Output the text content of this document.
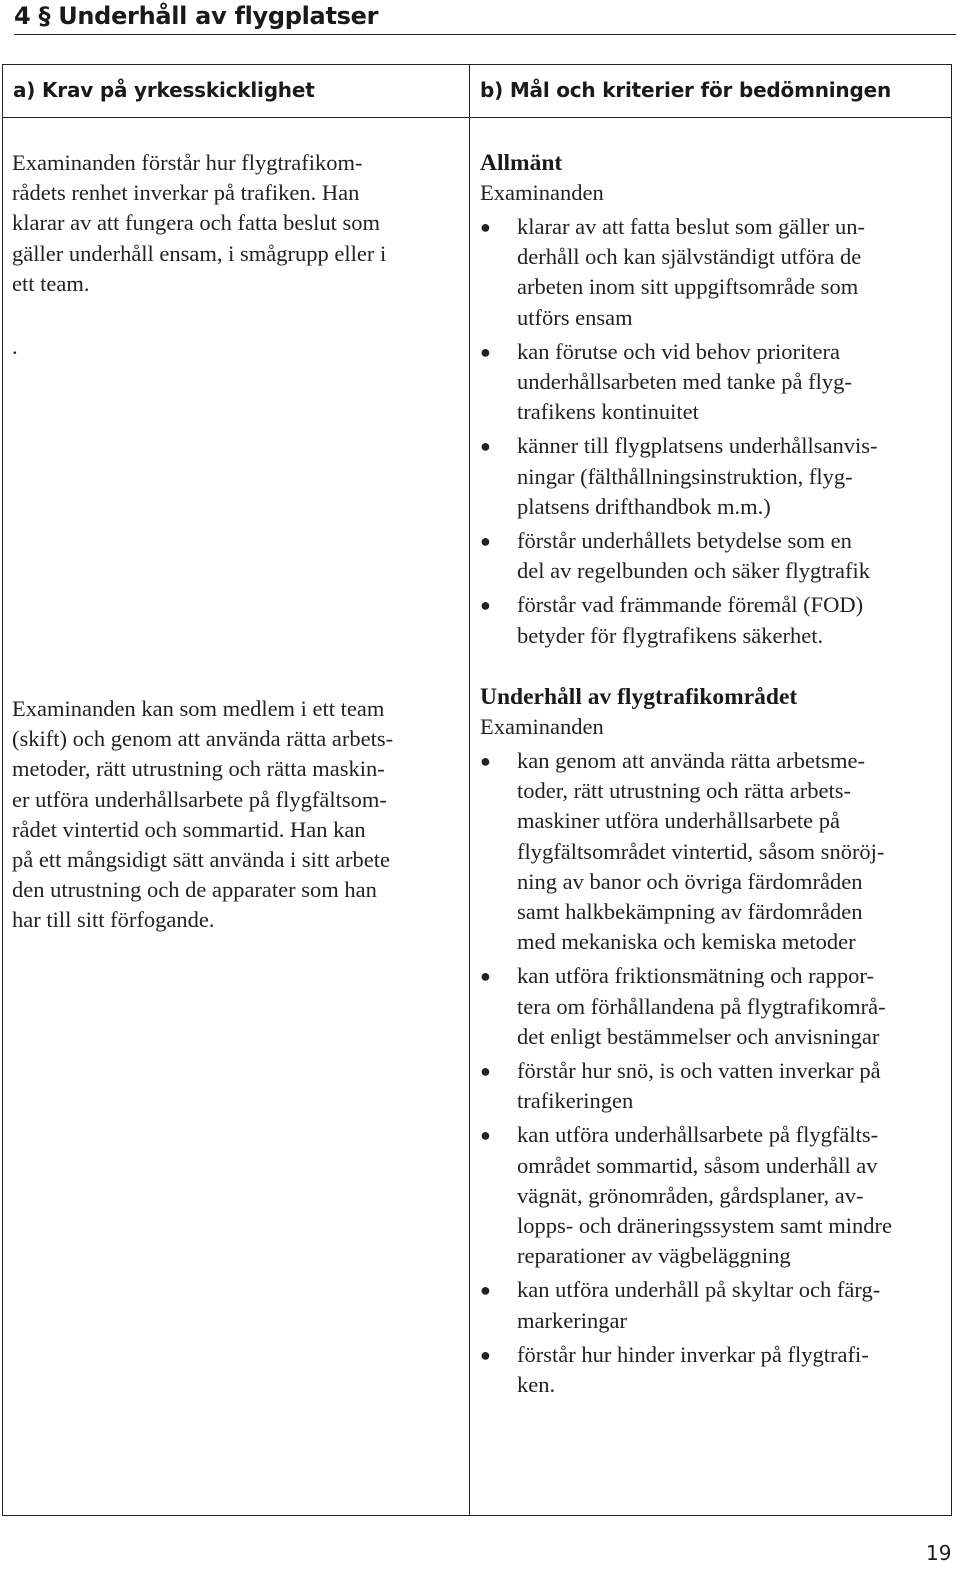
4 § Underhåll av flygplatser
a) Krav på yrkesskicklighet	b) Mål och kriterier för bedömningen

Examinanden förstår hur flygtrafikom-
rådets renhet inverkar på trafiken. Han
klarar av att fungera och fatta beslut som
gäller underhåll ensam, i smågrupp eller i
ett team.

.

Examinanden kan som medlem i ett team
(skift) och genom att använda rätta arbets-
metoder, rätt utrustning och rätta maskin-
er utföra underhållsarbete på flygfältsom-
rådet vintertid och sommartid. Han kan
på ett mångsidigt sätt använda i sitt arbete
den utrustning och de apparater som han
har till sitt förfogande.

Allmänt
Examinanden
● klarar av att fatta beslut som gäller un-
derhåll och kan självständigt utföra de
arbeten inom sitt uppgiftsområde som
utförs ensam
● kan förutse och vid behov prioritera
underhållsarbeten med tanke på flyg-
trafikens kontinuitet
● känner till flygplatsens underhållsanvis-
ningar (fälthållningsinstruktion, flyg-
platsens drifthandbok m.m.)
● förstår underhållets betydelse som en
del av regelbunden och säker flygtrafik
● förstår vad främmande föremål (FOD)
betyder för flygtrafikens säkerhet.
Underhåll av flygtrafikområdet
Examinanden
● kan genom att använda rätta arbetsme-
toder, rätt utrustning och rätta arbets-
maskiner utföra underhållsarbete på
flygfältsområdet vintertid, såsom snöröj-
ning av banor och övriga färdområden
samt halkbekämpning av färdområden
med mekaniska och kemiska metoder
● kan utföra friktionsmätning och rappor-
tera om förhållandena på flygtrafikområ-
det enligt bestämmelser och anvisningar
● förstår hur snö, is och vatten inverkar på
trafikeringen
● kan utföra underhållsarbete på flygfälts-
området sommartid, såsom underhåll av
vägnät, grönområden, gårdsplaner, av-
lopps- och dräneringssystem samt mindre
reparationer av vägbeläggning
● kan utföra underhåll på skyltar och färg-
markeringar
● förstår hur hinder inverkar på flygtrafi-
ken.
19
